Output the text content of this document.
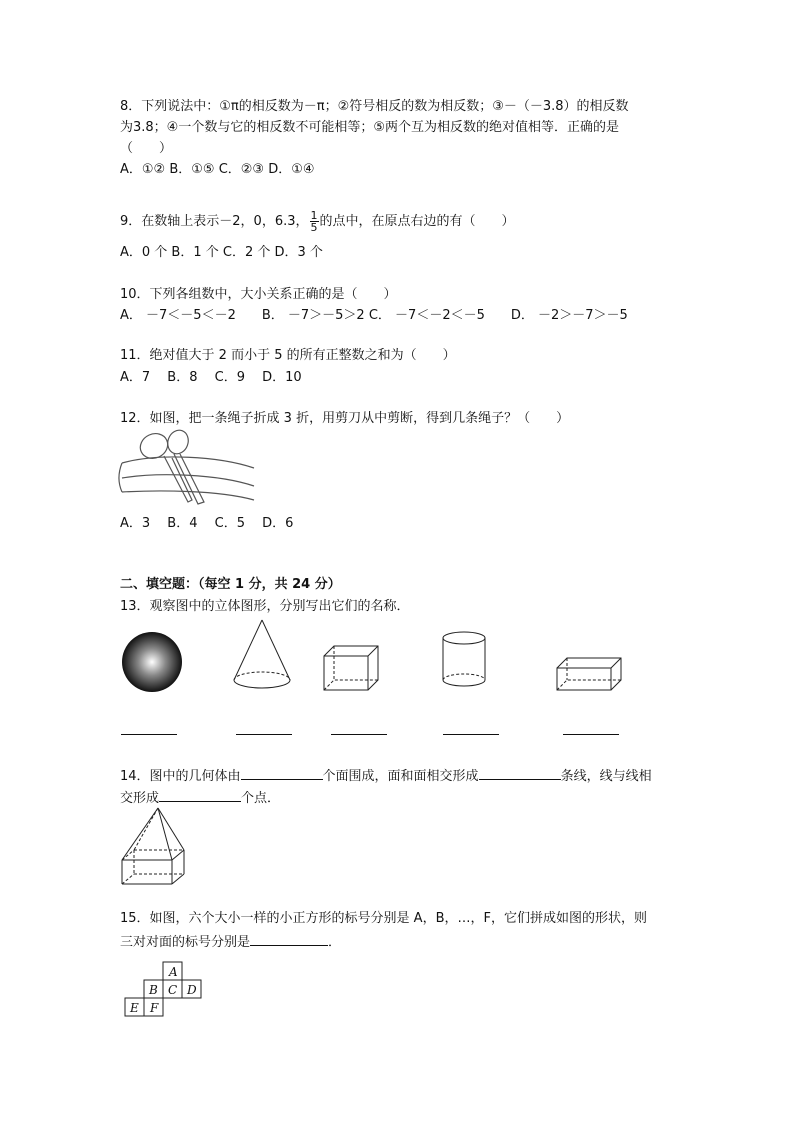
8．下列说法中：①π的相反数为－π；②符号相反的数为相反数；③－（－3.8）的相反数
为3.8；④一个数与它的相反数不可能相等；⑤两个互为相反数的绝对值相等．正确的是
（　　）
A．①② B．①⑤ C．②③ D．①④
9．在数轴上表示－2，0，6.3， $\frac{1}{5}$ 的点中，在原点右边的有（　　）
A．0 个 B．1 个 C．2 个 D．3 个
10．下列各组数中，大小关系正确的是（　　）
A． －7＜－5＜－2　　B． －7＞－5＞2 C． －7＜－2＜－5　　D． －2＞－7＞－5
11．绝对值大于 2 而小于 5 的所有正整数之和为（　　）
A．7　 B．8　 C．9　 D．10
12．如图，把一条绳子折成 3 折，用剪刀从中剪断，得到几条绳子？（　　）
A．3　 B．4　 C．5　 D．6
二、填空题：（每空 1 分，共 24 分）
13．观察图中的立体图形，分别写出它们的名称．
14．图中的几何体由	个面围成，面和面相交形成	条线，线与线相
交形成	个点．
15．如图，六个大小一样的小正方形的标号分别是 A，B，…，F，它们拼成如图的形状，则
三对对面的标号分别是	．
A
B C D
E F
